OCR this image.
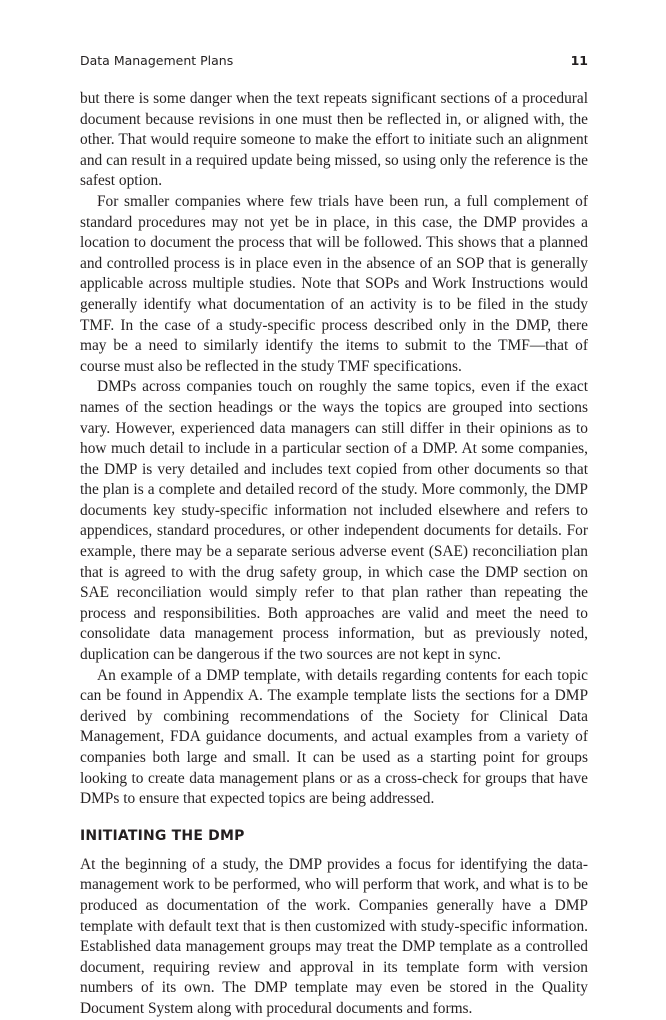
Data Management Plans	11

but there is some danger when the text repeats significant sections of a procedural document because revisions in one must then be reflected in, or aligned with, the other. That would require someone to make the effort to initiate such an alignment and can result in a required update being missed, so using only the reference is the safest option.

For smaller companies where few trials have been run, a full complement of standard procedures may not yet be in place, in this case, the DMP provides a location to document the process that will be followed. This shows that a planned and controlled process is in place even in the absence of an SOP that is generally applicable across multiple studies. Note that SOPs and Work Instructions would generally identify what documentation of an activity is to be filed in the study TMF. In the case of a study-specific process described only in the DMP, there may be a need to similarly identify the items to submit to the TMF—that of course must also be reflected in the study TMF specifications.

DMPs across companies touch on roughly the same topics, even if the exact names of the section headings or the ways the topics are grouped into sections vary. However, experienced data managers can still differ in their opinions as to how much detail to include in a particular section of a DMP. At some companies, the DMP is very detailed and includes text copied from other documents so that the plan is a complete and detailed record of the study. More commonly, the DMP documents key study-specific information not included elsewhere and refers to appendices, standard procedures, or other independent documents for details. For example, there may be a separate serious adverse event (SAE) reconciliation plan that is agreed to with the drug safety group, in which case the DMP section on SAE reconciliation would simply refer to that plan rather than repeating the process and responsibilities. Both approaches are valid and meet the need to consolidate data management process information, but as previously noted, duplication can be dangerous if the two sources are not kept in sync.

An example of a DMP template, with details regarding contents for each topic can be found in Appendix A. The example template lists the sections for a DMP derived by combining recommendations of the Society for Clinical Data Management, FDA guidance documents, and actual examples from a variety of companies both large and small. It can be used as a starting point for groups looking to create data management plans or as a cross-check for groups that have DMPs to ensure that expected topics are being addressed.

INITIATING THE DMP

At the beginning of a study, the DMP provides a focus for identifying the data-management work to be performed, who will perform that work, and what is to be produced as documentation of the work. Companies generally have a DMP template with default text that is then customized with study-specific information. Established data management groups may treat the DMP template as a controlled document, requiring review and approval in its template form with version numbers of its own. The DMP template may even be stored in the Quality Document System along with procedural documents and forms.
